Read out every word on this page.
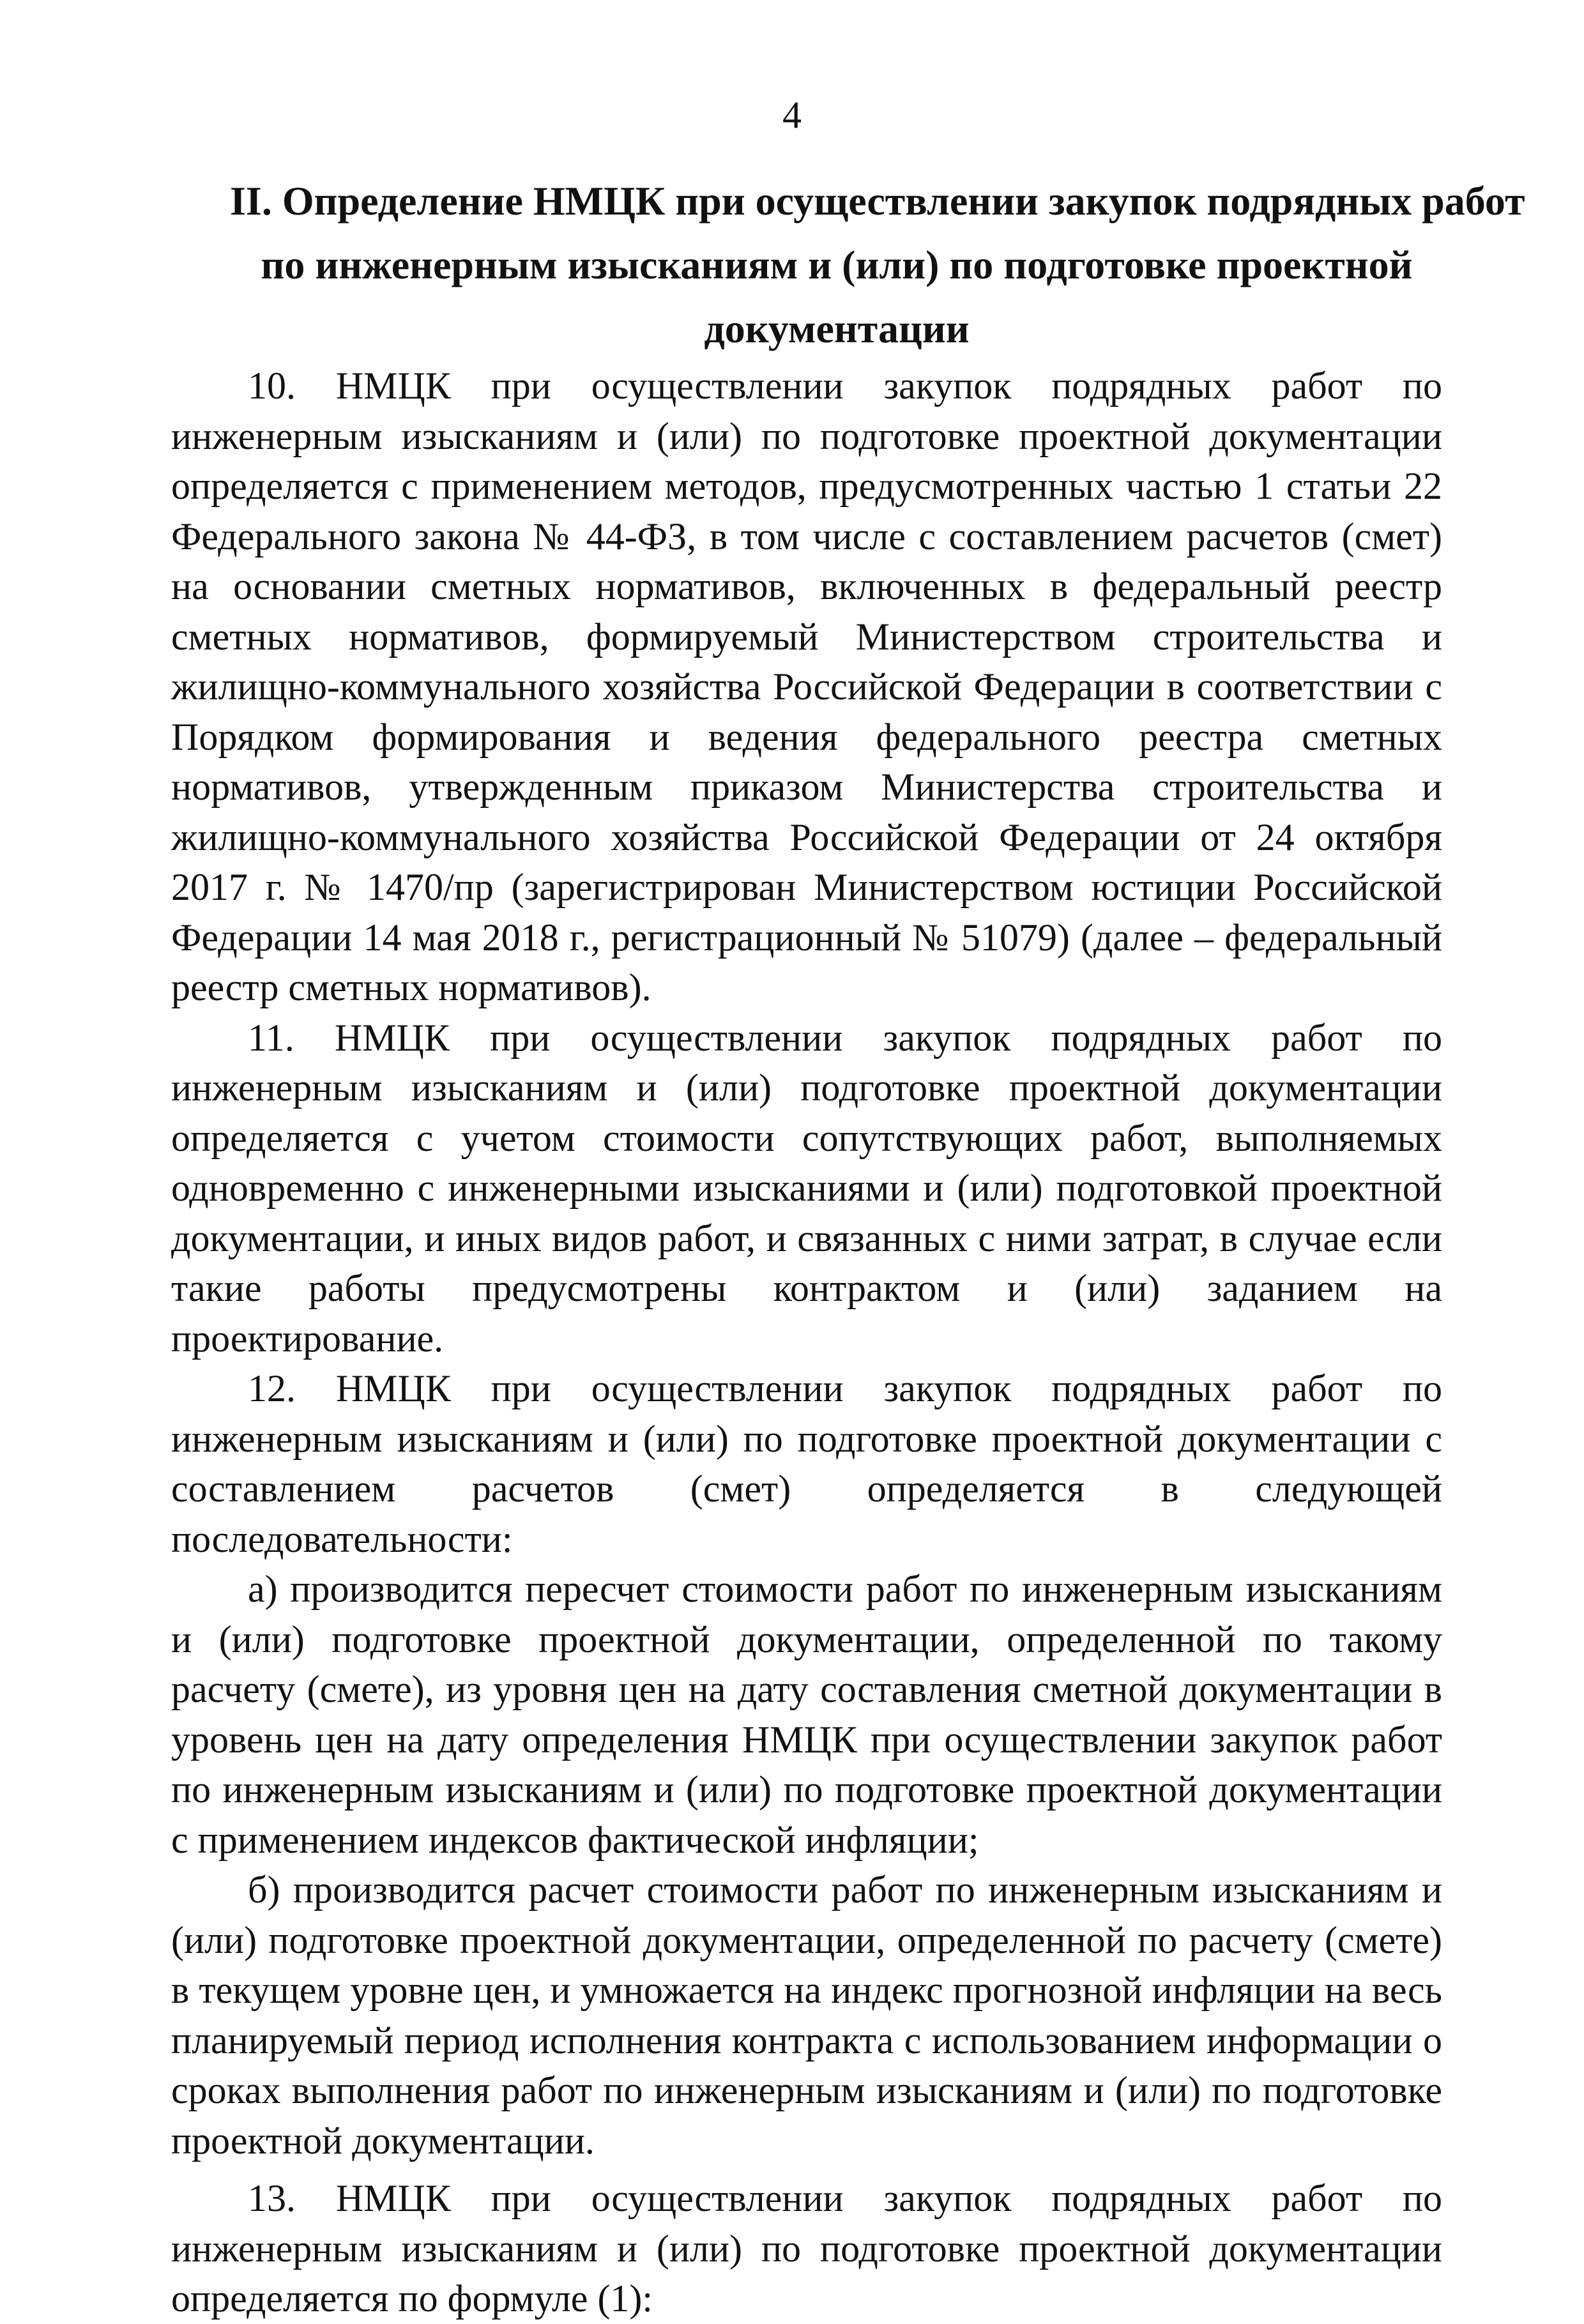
4
II. Определение НМЦК при осуществлении закупок подрядных работ
по инженерным изысканиям и (или) по подготовке проектной
документации

10. НМЦК при осуществлении закупок подрядных работ по инженерным изысканиям и (или) по подготовке проектной документации определяется с применением методов, предусмотренных частью 1 статьи 22 Федерального закона № 44-ФЗ, в том числе с составлением расчетов (смет) на основании сметных нормативов, включенных в федеральный реестр сметных нормативов, формируемый Министерством строительства и жилищно-коммунального хозяйства Российской Федерации в соответствии с Порядком формирования и ведения федерального реестра сметных нормативов, утвержденным приказом Министерства строительства и жилищно-коммунального хозяйства Российской Федерации от 24 октября 2017 г. № 1470/пр (зарегистрирован Министерством юстиции Российской Федерации 14 мая 2018 г., регистрационный № 51079) (далее – федеральный реестр сметных нормативов).

11. НМЦК при осуществлении закупок подрядных работ по инженерным изысканиям и (или) подготовке проектной документации определяется с учетом стоимости сопутствующих работ, выполняемых одновременно с инженерными изысканиями и (или) подготовкой проектной документации, и иных видов работ, и связанных с ними затрат, в случае если такие работы предусмотрены контрактом и (или) заданием на проектирование.

12. НМЦК при осуществлении закупок подрядных работ по инженерным изысканиям и (или) по подготовке проектной документации с составлением расчетов (смет) определяется в следующей последовательности:

а) производится пересчет стоимости работ по инженерным изысканиям и (или) подготовке проектной документации, определенной по такому расчету (смете), из уровня цен на дату составления сметной документации в уровень цен на дату определения НМЦК при осуществлении закупок работ по инженерным изысканиям и (или) по подготовке проектной документации с применением индексов фактической инфляции;

б) производится расчет стоимости работ по инженерным изысканиям и (или) подготовке проектной документации, определенной по расчету (смете) в текущем уровне цен, и умножается на индекс прогнозной инфляции на весь планируемый период исполнения контракта с использованием информации о сроках выполнения работ по инженерным изысканиям и (или) по подготовке проектной документации.

13. НМЦК при осуществлении закупок подрядных работ по инженерным изысканиям и (или) по подготовке проектной документации определяется по формуле (1):
